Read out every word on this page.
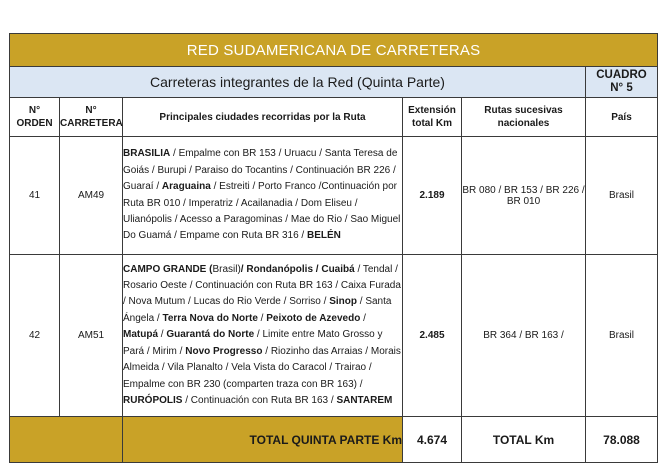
RED SUDAMERICANA DE CARRETERAS					
Carreteras integrantes de la Red (Quinta Parte)					CUADRO
N° 5

N° ORDEN	N° CARRETERA	Principales ciudades recorridas por la Ruta	Extensión total Km	Rutas sucesivas nacionales	País
41	AM49	BRASILIA / Empalme con BR 153 / Uruacu / Santa Teresa de Goiás / Burupi / Paraiso do Tocantins / Continuación BR 226 / Guaraí / Araguaina / Estreiti / Porto Franco /Continuación por Ruta BR 010 / Imperatriz / Acailanadia / Dom Eliseu / Ulianópolis / Acesso a Paragominas / Mae do Rio / Sao Miguel Do Guamá / Empame con Ruta BR 316 / BELÉN	2.189	BR 080 / BR 153 / BR 226 / BR 010	Brasil
42	AM51	CAMPO GRANDE (Brasil)/ Rondanópolis / Cuaibá / Tendal / Rosario Oeste / Continuación con Ruta BR 163 / Caixa Furada / Nova Mutum / Lucas do Rio Verde / Sorriso / Sinop / Santa Ángela / Terra Nova do Norte / Peixoto de Azevedo / Matupá / Guarantá do Norte / Limite entre Mato Grosso y Pará / Mirim / Novo Progresso / Riozinho das Arraias / Morais Almeida / Vila Planalto / Vela Vista do Caracol / Trairao / Empalme con BR 230 (comparten traza con BR 163) / RURÓPOLIS / Continuación con Ruta BR 163 / SANTAREM	2.485	BR 364 / BR 163 /	Brasil
		TOTAL QUINTA PARTE Km	4.674	TOTAL Km	78.088
